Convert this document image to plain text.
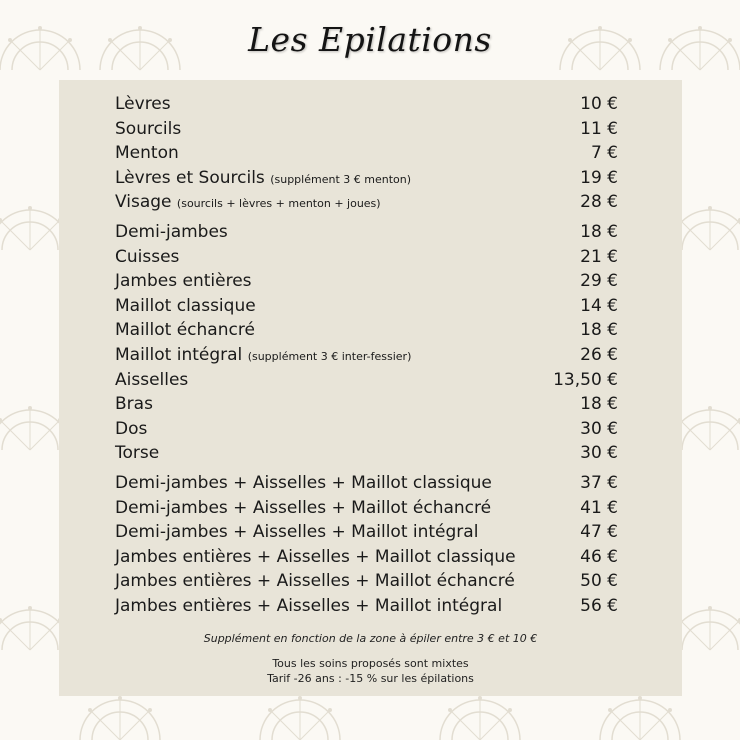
Les Epilations
Lèvres	10 €
Sourcils	11 €
Menton	7 €
Lèvres et Sourcils (supplément 3 € menton)	19 €
Visage (sourcils + lèvres + menton + joues)	28 €
Demi-jambes	18 €
Cuisses	21 €
Jambes entières	29 €
Maillot classique	14 €
Maillot échancré	18 €
Maillot intégral (supplément 3 € inter-fessier)	26 €
Aisselles	13,50 €
Bras	18 €
Dos	30 €
Torse	30 €
Demi-jambes + Aisselles + Maillot classique	37 €
Demi-jambes + Aisselles + Maillot échancré	41 €
Demi-jambes + Aisselles + Maillot intégral	47 €
Jambes entières + Aisselles + Maillot classique	46 €
Jambes entières + Aisselles + Maillot échancré	50 €
Jambes entières + Aisselles + Maillot intégral	56 €
Supplément en fonction de la zone à épiler entre 3 € et 10 €
Tous les soins proposés sont mixtes
Tarif -26 ans : -15 % sur les épilations
